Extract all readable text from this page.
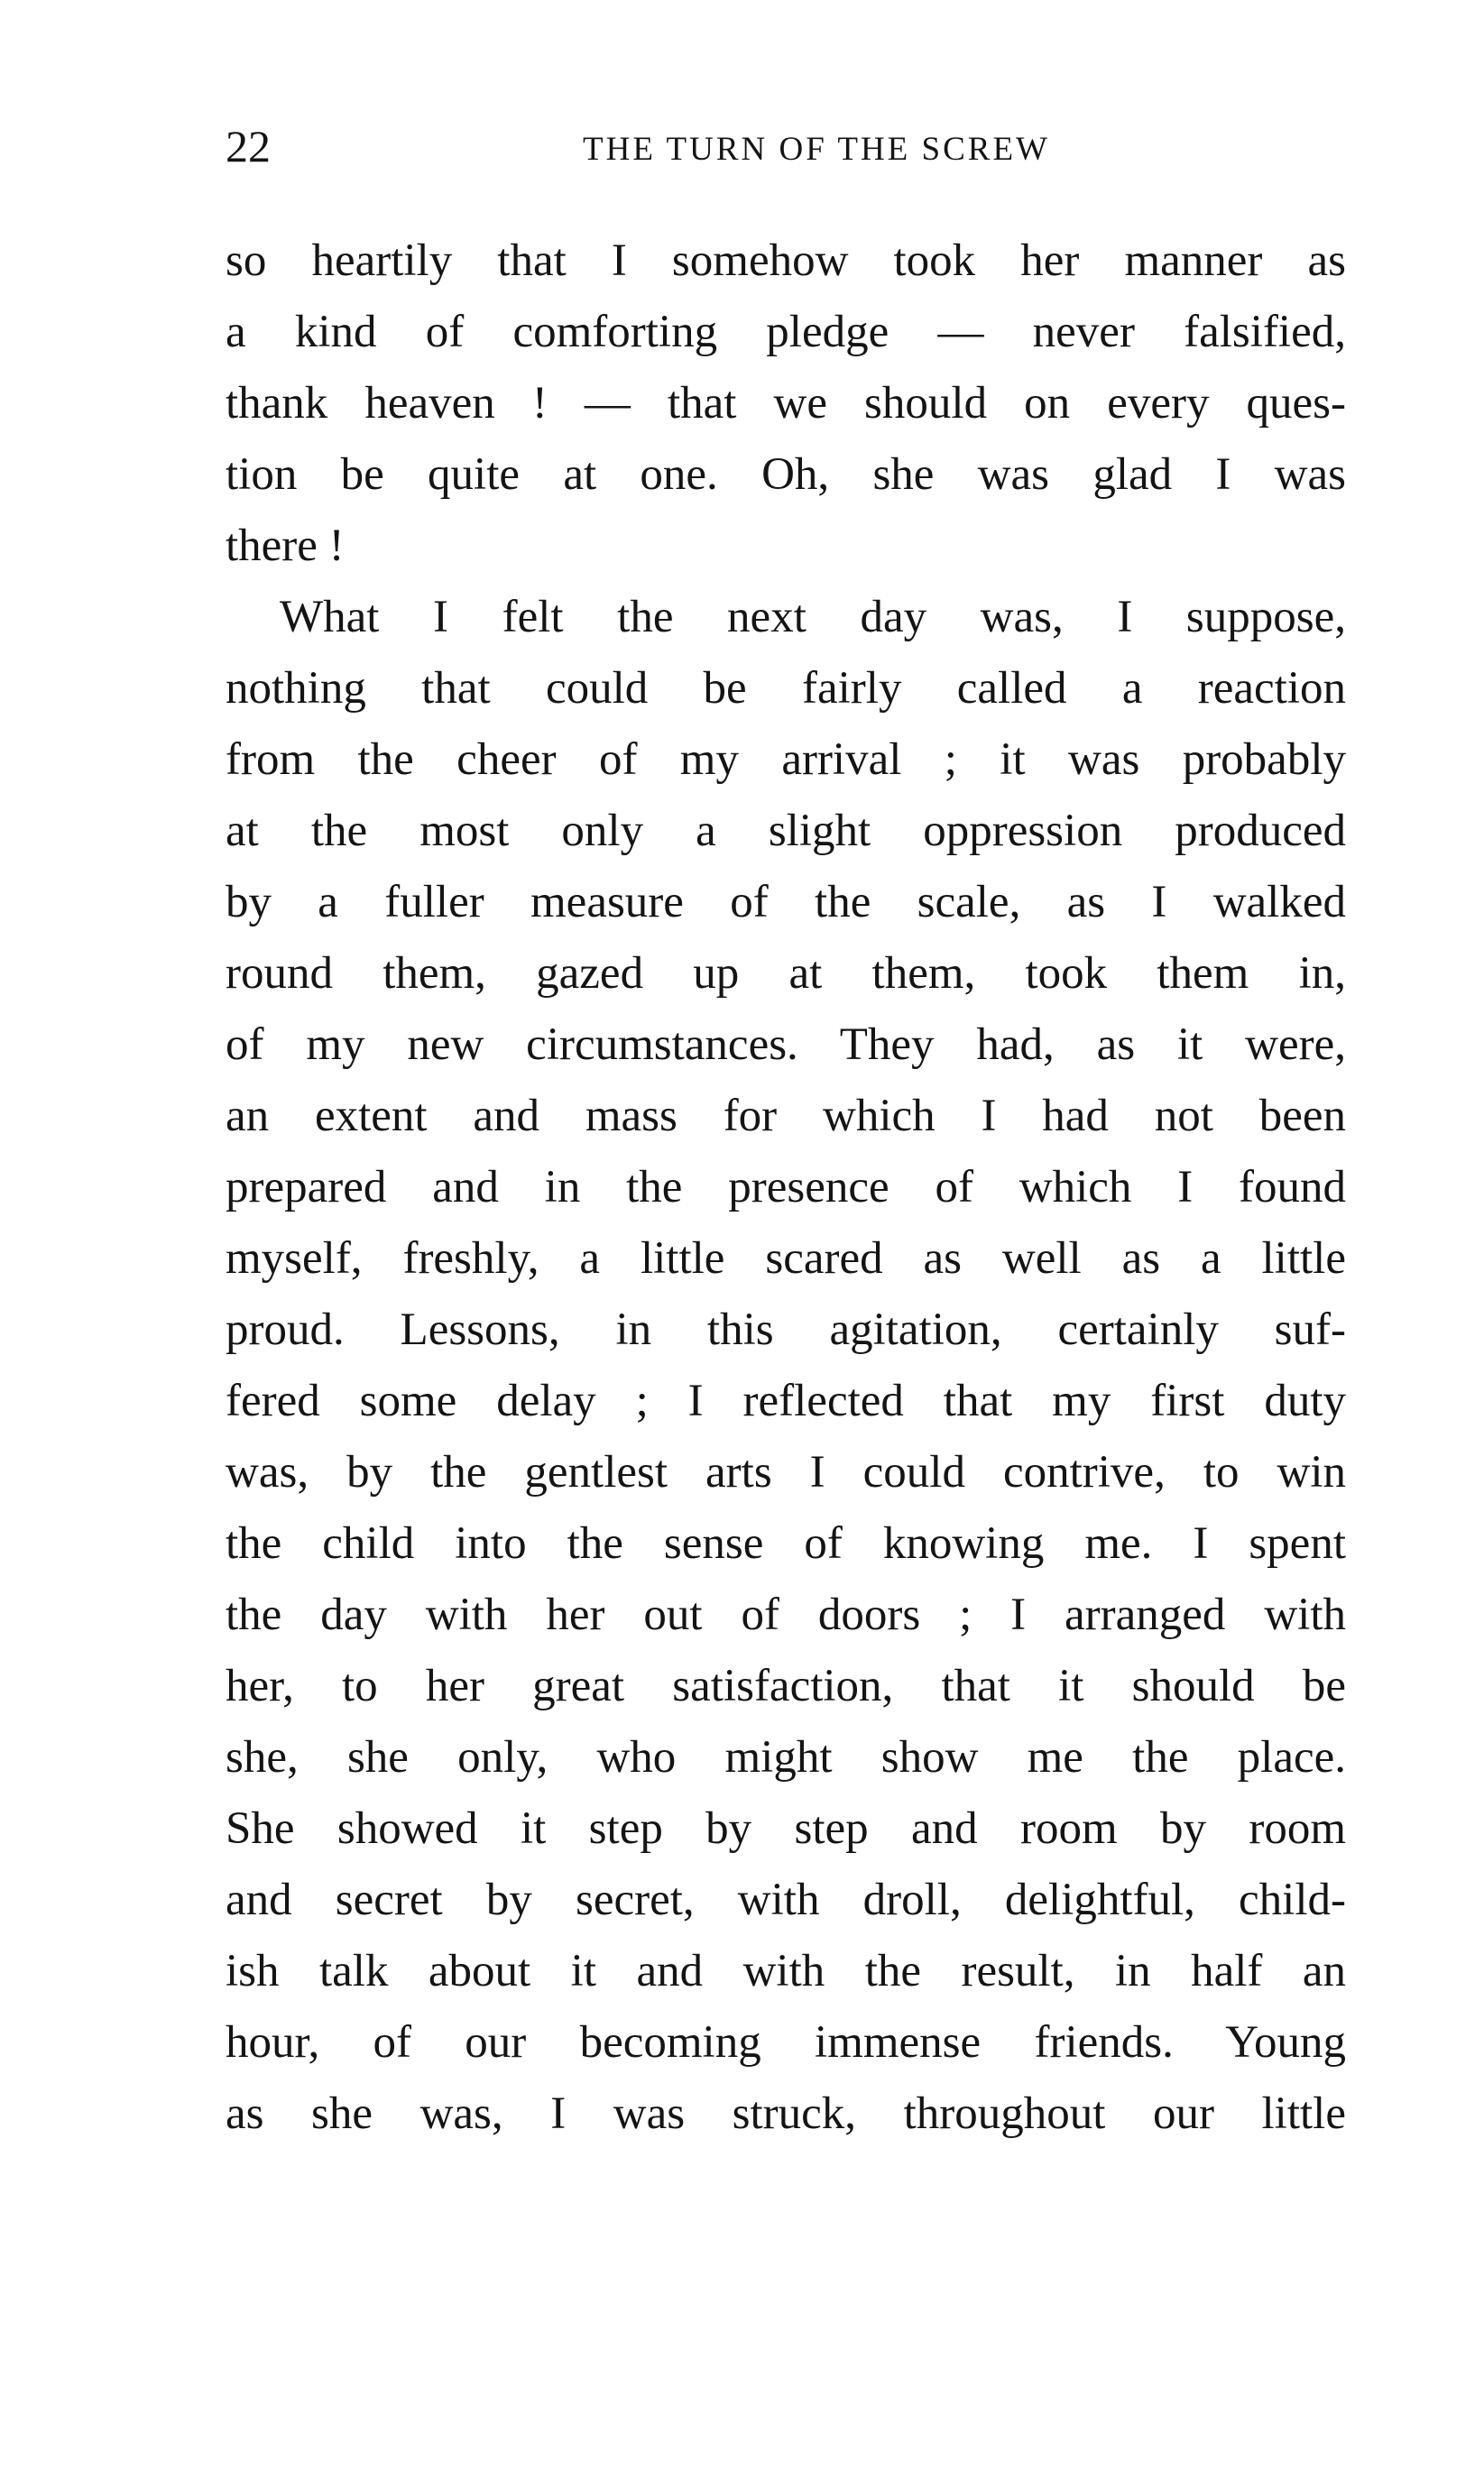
22	THE TURN OF THE SCREW
so heartily that I somehow took her manner as
a kind of comforting pledge — never falsified,
thank heaven ! — that we should on every ques-
tion be quite at one. Oh, she was glad I was
there !
What I felt the next day was, I suppose,
nothing that could be fairly called a reaction
from the cheer of my arrival ; it was probably
at the most only a slight oppression produced
by a fuller measure of the scale, as I walked
round them, gazed up at them, took them in,
of my new circumstances. They had, as it were,
an extent and mass for which I had not been
prepared and in the presence of which I found
myself, freshly, a little scared as well as a little
proud. Lessons, in this agitation, certainly suf-
fered some delay ; I reflected that my first duty
was, by the gentlest arts I could contrive, to win
the child into the sense of knowing me. I spent
the day with her out of doors ; I arranged with
her, to her great satisfaction, that it should be
she, she only, who might show me the place.
She showed it step by step and room by room
and secret by secret, with droll, delightful, child-
ish talk about it and with the result, in half an
hour, of our becoming immense friends. Young
as she was, I was struck, throughout our little
